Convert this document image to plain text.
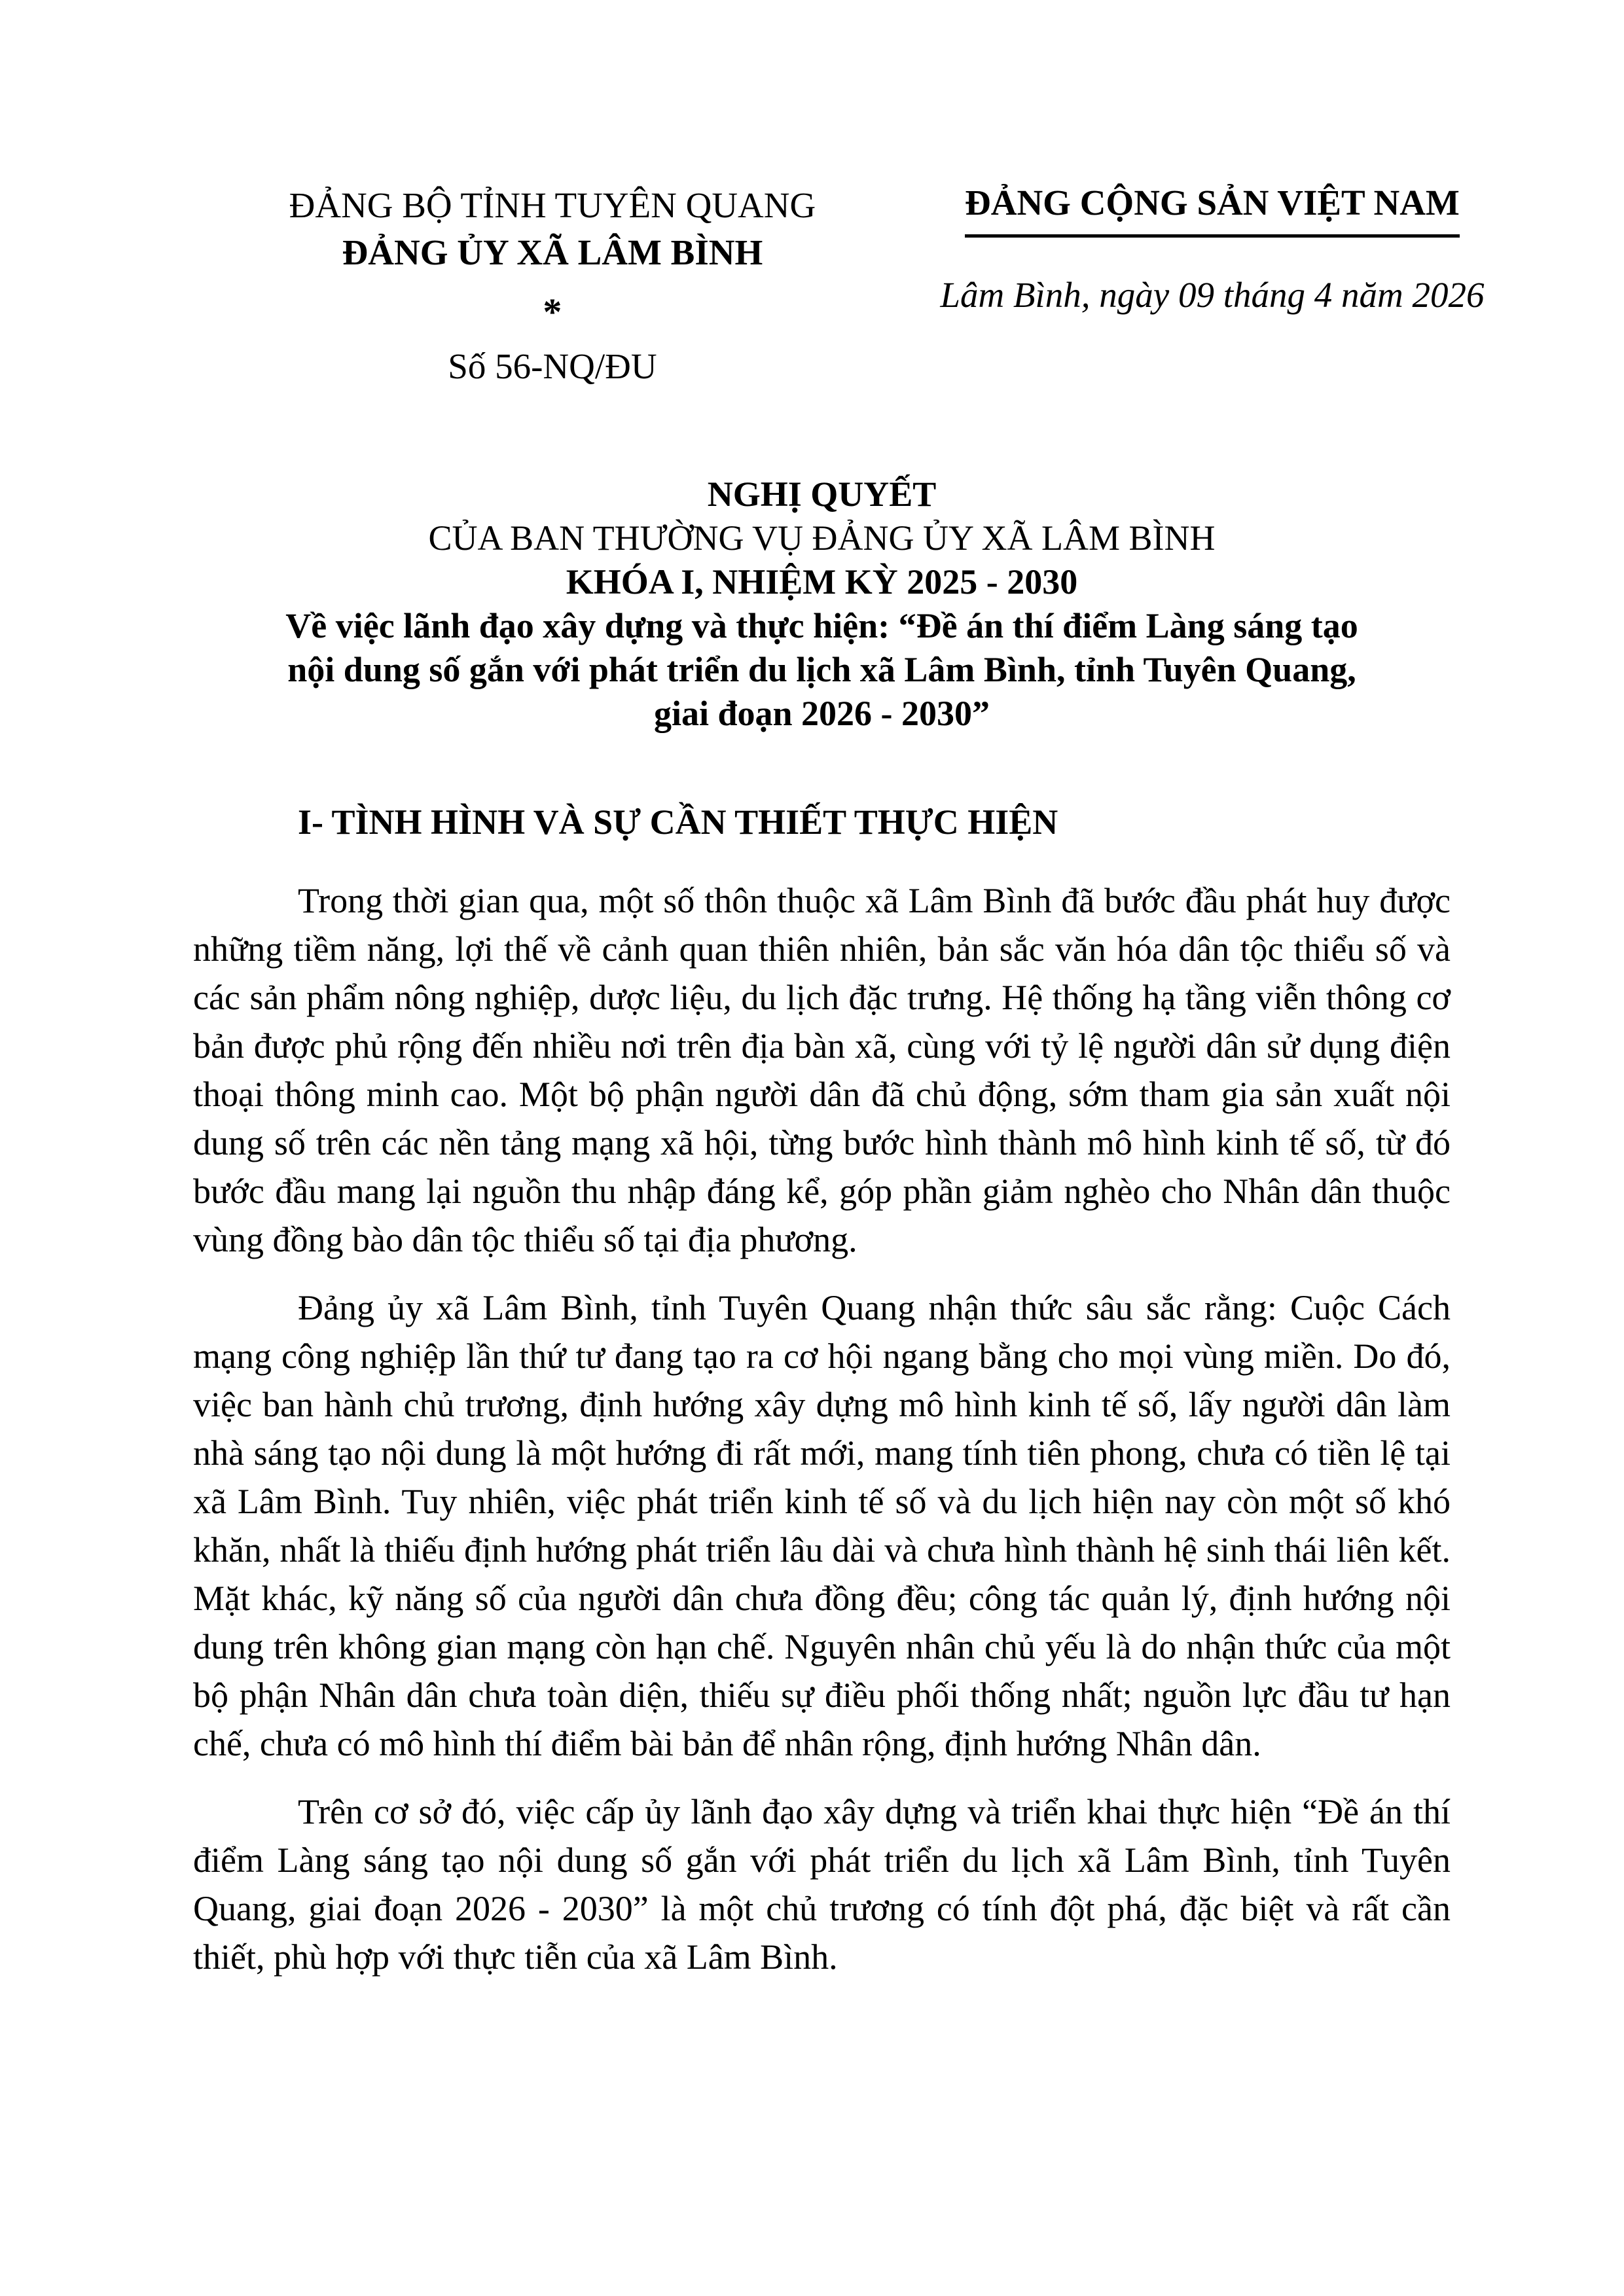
ĐẢNG BỘ TỈNH TUYÊN QUANG
ĐẢNG ỦY XÃ LÂM BÌNH
*
Số 56-NQ/ĐU
ĐẢNG CỘNG SẢN VIỆT NAM
Lâm Bình, ngày 09 tháng 4 năm 2026
NGHỊ QUYẾT
CỦA BAN THƯỜNG VỤ ĐẢNG ỦY XÃ LÂM BÌNH
KHÓA I, NHIỆM KỲ 2025 - 2030
Về việc lãnh đạo xây dựng và thực hiện: “Đề án thí điểm Làng sáng tạo
nội dung số gắn với phát triển du lịch xã Lâm Bình, tỉnh Tuyên Quang,
giai đoạn 2026 - 2030”
I- TÌNH HÌNH VÀ SỰ CẦN THIẾT THỰC HIỆN

Trong thời gian qua, một số thôn thuộc xã Lâm Bình đã bước đầu phát huy được những tiềm năng, lợi thế về cảnh quan thiên nhiên, bản sắc văn hóa dân tộc thiểu số và các sản phẩm nông nghiệp, dược liệu, du lịch đặc trưng. Hệ thống hạ tầng viễn thông cơ bản được phủ rộng đến nhiều nơi trên địa bàn xã, cùng với tỷ lệ người dân sử dụng điện thoại thông minh cao. Một bộ phận người dân đã chủ động, sớm tham gia sản xuất nội dung số trên các nền tảng mạng xã hội, từng bước hình thành mô hình kinh tế số, từ đó bước đầu mang lại nguồn thu nhập đáng kể, góp phần giảm nghèo cho Nhân dân thuộc vùng đồng bào dân tộc thiểu số tại địa phương.

Đảng ủy xã Lâm Bình, tỉnh Tuyên Quang nhận thức sâu sắc rằng: Cuộc Cách mạng công nghiệp lần thứ tư đang tạo ra cơ hội ngang bằng cho mọi vùng miền. Do đó, việc ban hành chủ trương, định hướng xây dựng mô hình kinh tế số, lấy người dân làm nhà sáng tạo nội dung là một hướng đi rất mới, mang tính tiên phong, chưa có tiền lệ tại xã Lâm Bình. Tuy nhiên, việc phát triển kinh tế số và du lịch hiện nay còn một số khó khăn, nhất là thiếu định hướng phát triển lâu dài và chưa hình thành hệ sinh thái liên kết. Mặt khác, kỹ năng số của người dân chưa đồng đều; công tác quản lý, định hướng nội dung trên không gian mạng còn hạn chế. Nguyên nhân chủ yếu là do nhận thức của một bộ phận Nhân dân chưa toàn diện, thiếu sự điều phối thống nhất; nguồn lực đầu tư hạn chế, chưa có mô hình thí điểm bài bản để nhân rộng, định hướng Nhân dân.

Trên cơ sở đó, việc cấp ủy lãnh đạo xây dựng và triển khai thực hiện “Đề án thí điểm Làng sáng tạo nội dung số gắn với phát triển du lịch xã Lâm Bình, tỉnh Tuyên Quang, giai đoạn 2026 - 2030” là một chủ trương có tính đột phá, đặc biệt và rất cần thiết, phù hợp với thực tiễn của xã Lâm Bình.
